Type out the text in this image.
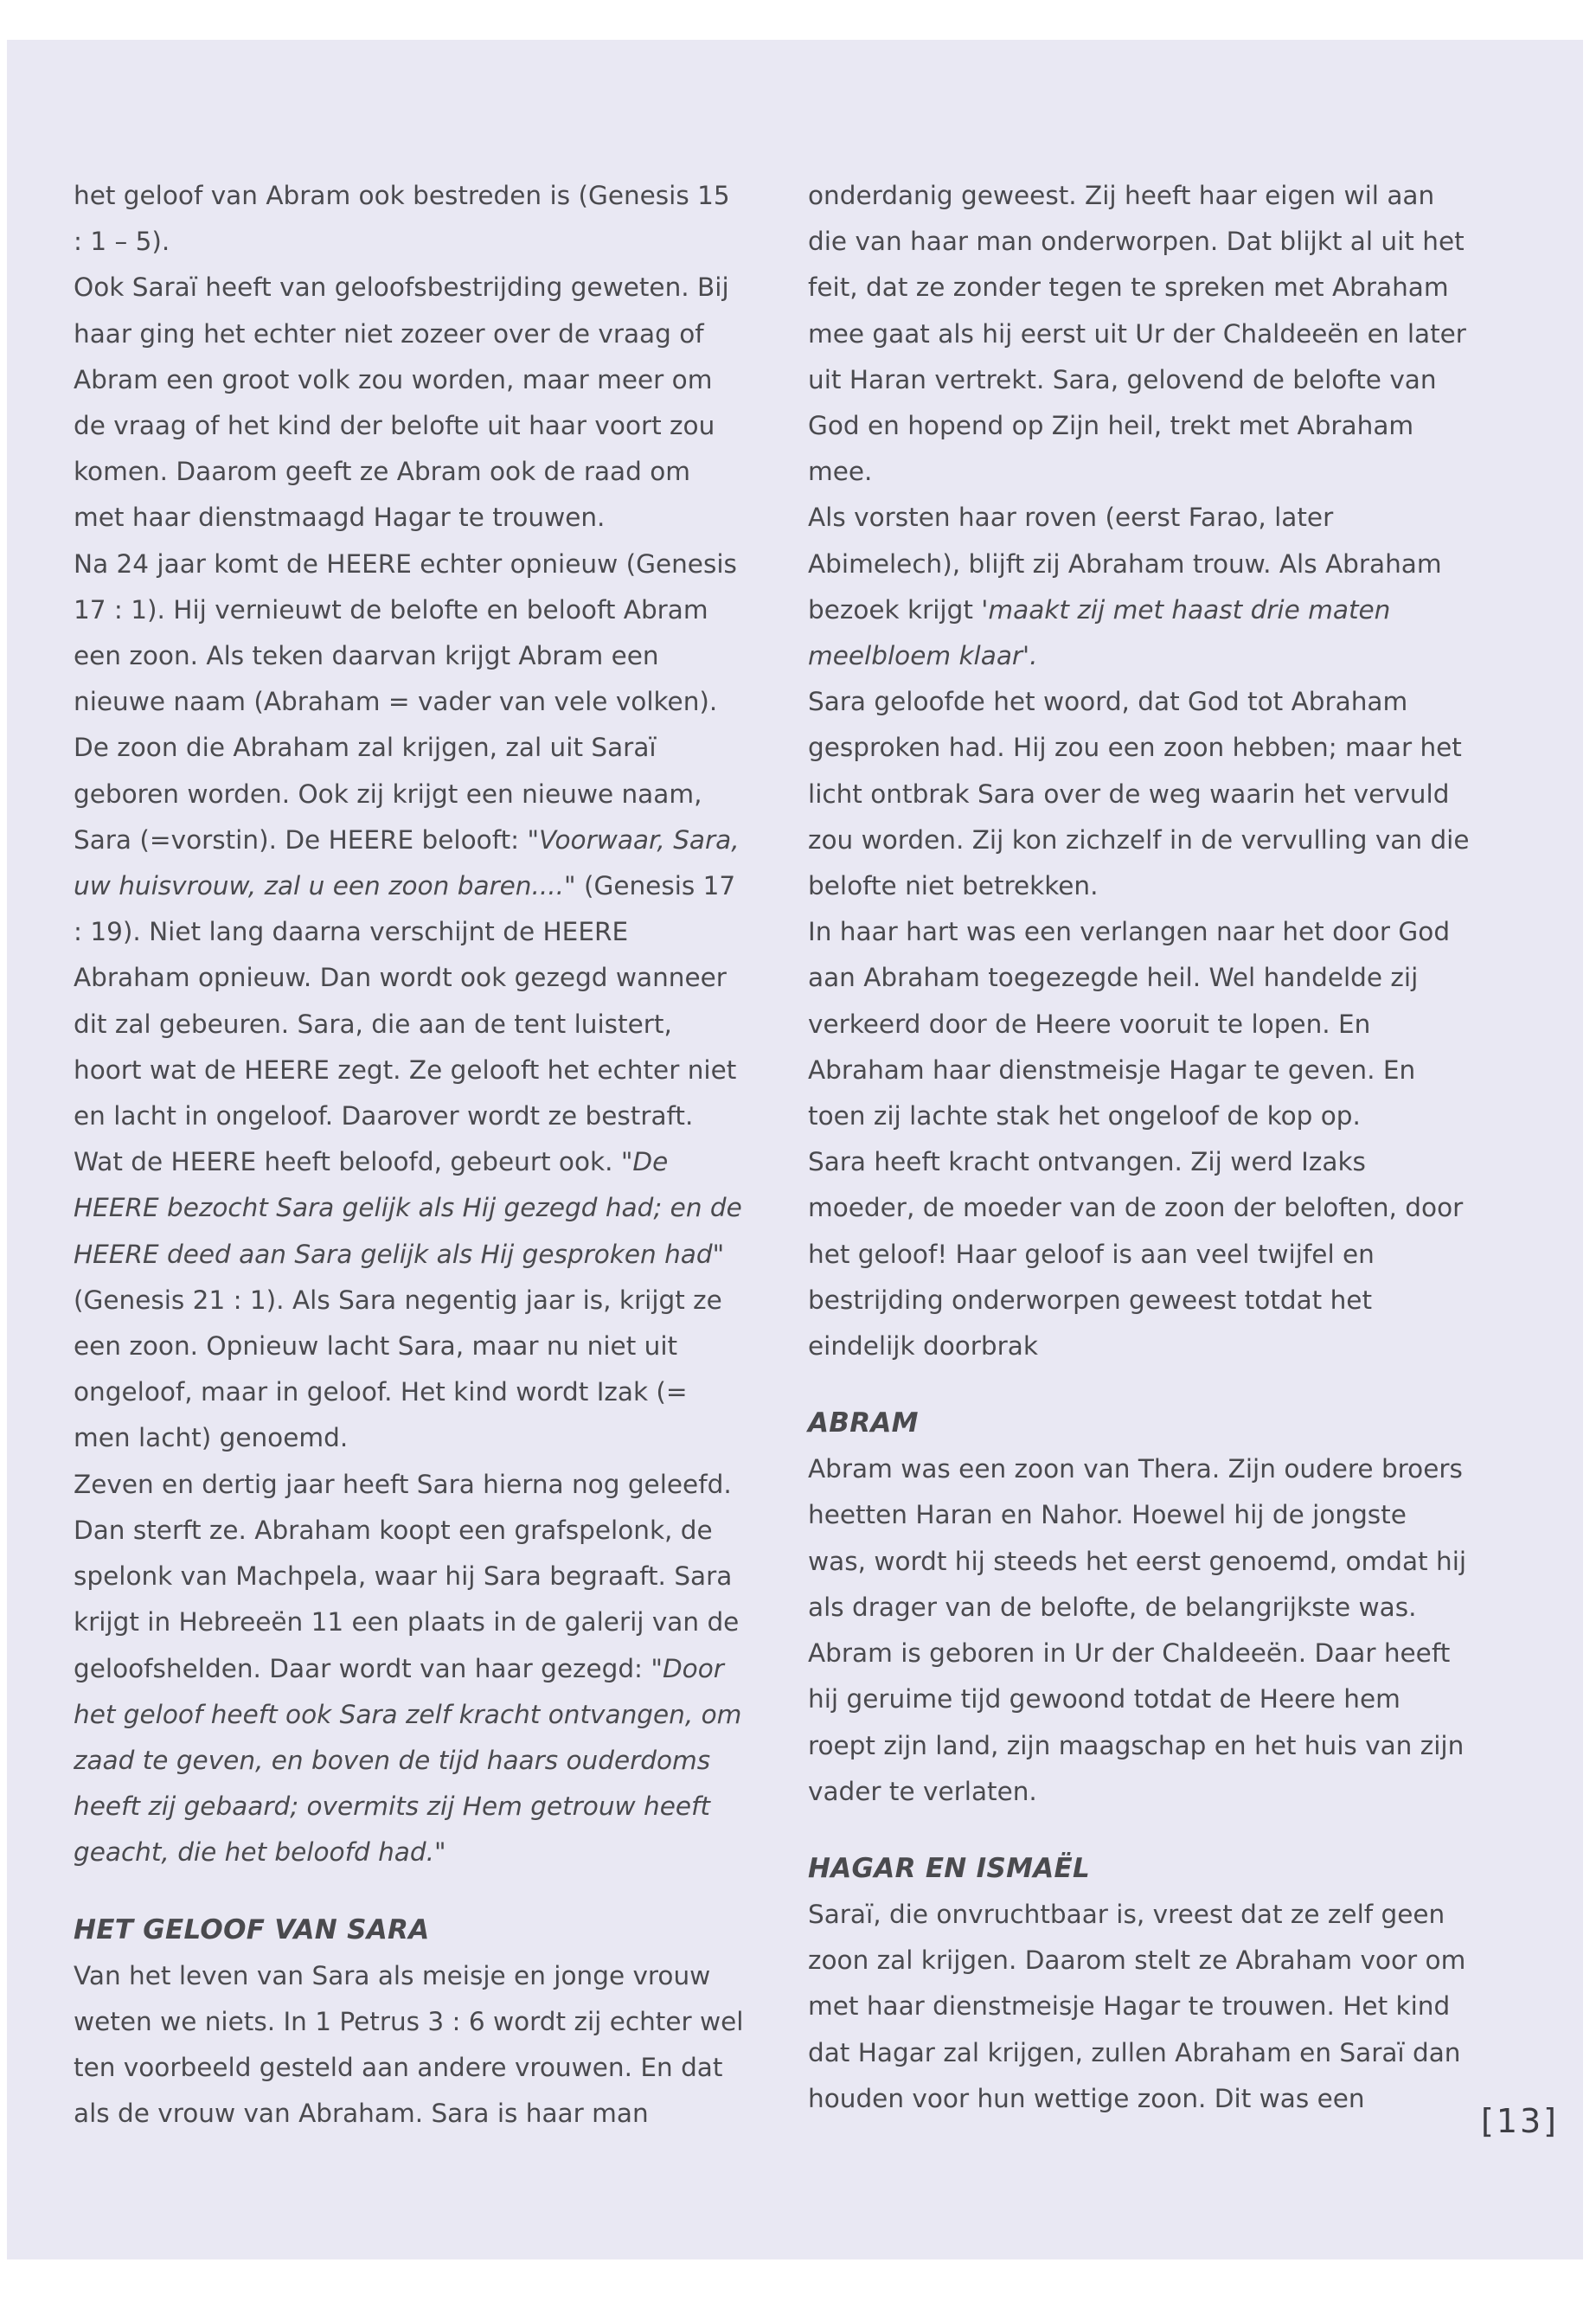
het geloof van Abram ook bestreden is (Genesis 15 : 1 – 5).

Ook Saraï heeft van geloofsbestrijding geweten. Bij haar ging het echter niet zozeer over de vraag of Abram een groot volk zou worden, maar meer om de vraag of het kind der belofte uit haar voort zou komen. Daarom geeft ze Abram ook de raad om met haar dienstmaagd Hagar te trouwen.

Na 24 jaar komt de HEERE echter opnieuw (Genesis 17 : 1). Hij vernieuwt de belofte en belooft Abram een zoon. Als teken daarvan krijgt Abram een nieuwe naam (Abraham = vader van vele volken). De zoon die Abraham zal krijgen, zal uit Saraï geboren worden. Ook zij krijgt een nieuwe naam, Sara (=vorstin). De HEERE belooft: "Voorwaar, Sara, uw huisvrouw, zal u een zoon baren...." (Genesis 17 : 19). Niet lang daarna verschijnt de HEERE Abraham opnieuw. Dan wordt ook gezegd wanneer dit zal gebeuren. Sara, die aan de tent luistert, hoort wat de HEERE zegt. Ze gelooft het echter niet en lacht in ongeloof. Daarover wordt ze bestraft. Wat de HEERE heeft beloofd, gebeurt ook. "De HEERE bezocht Sara gelijk als Hij gezegd had; en de HEERE deed aan Sara gelijk als Hij gesproken had" (Genesis 21 : 1). Als Sara negentig jaar is, krijgt ze een zoon. Opnieuw lacht Sara, maar nu niet uit ongeloof, maar in geloof. Het kind wordt Izak (= men lacht) genoemd.

Zeven en dertig jaar heeft Sara hierna nog geleefd. Dan sterft ze. Abraham koopt een grafspelonk, de spelonk van Machpela, waar hij Sara begraaft. Sara krijgt in Hebreeën 11 een plaats in de galerij van de geloofshelden. Daar wordt van haar gezegd: "Door het geloof heeft ook Sara zelf kracht ontvangen, om zaad te geven, en boven de tijd haars ouderdoms heeft zij gebaard; overmits zij Hem getrouw heeft geacht, die het beloofd had."

HET GELOOF VAN SARA

Van het leven van Sara als meisje en jonge vrouw weten we niets. In 1 Petrus 3 : 6 wordt zij echter wel ten voorbeeld gesteld aan andere vrouwen. En dat als de vrouw van Abraham. Sara is haar man

onderdanig geweest. Zij heeft haar eigen wil aan die van haar man onderworpen. Dat blijkt al uit het feit, dat ze zonder tegen te spreken met Abraham mee gaat als hij eerst uit Ur der Chaldeeën en later uit Haran vertrekt. Sara, gelovend de belofte van God en hopend op Zijn heil, trekt met Abraham mee.

Als vorsten haar roven (eerst Farao, later Abimelech), blijft zij Abraham trouw. Als Abraham bezoek krijgt 'maakt zij met haast drie maten meelbloem klaar'.

Sara geloofde het woord, dat God tot Abraham gesproken had. Hij zou een zoon hebben; maar het licht ontbrak Sara over de weg waarin het vervuld zou worden. Zij kon zichzelf in de vervulling van die belofte niet betrekken.

In haar hart was een verlangen naar het door God aan Abraham toegezegde heil. Wel handelde zij verkeerd door de Heere vooruit te lopen. En Abraham haar dienstmeisje Hagar te geven. En toen zij lachte stak het ongeloof de kop op.

Sara heeft kracht ontvangen. Zij werd Izaks moeder, de moeder van de zoon der beloften, door het geloof! Haar geloof is aan veel twijfel en bestrijding onderworpen geweest totdat het eindelijk doorbrak

ABRAM

Abram was een zoon van Thera. Zijn oudere broers heetten Haran en Nahor. Hoewel hij de jongste was, wordt hij steeds het eerst genoemd, omdat hij als drager van de belofte, de belangrijkste was. Abram is geboren in Ur der Chaldeeën. Daar heeft hij geruime tijd gewoond totdat de Heere hem roept zijn land, zijn maagschap en het huis van zijn vader te verlaten.

HAGAR EN ISMAËL

Saraï, die onvruchtbaar is, vreest dat ze zelf geen zoon zal krijgen. Daarom stelt ze Abraham voor om met haar dienstmeisje Hagar te trouwen. Het kind dat Hagar zal krijgen, zullen Abraham en Saraï dan houden voor hun wettige zoon. Dit was een

[13]
